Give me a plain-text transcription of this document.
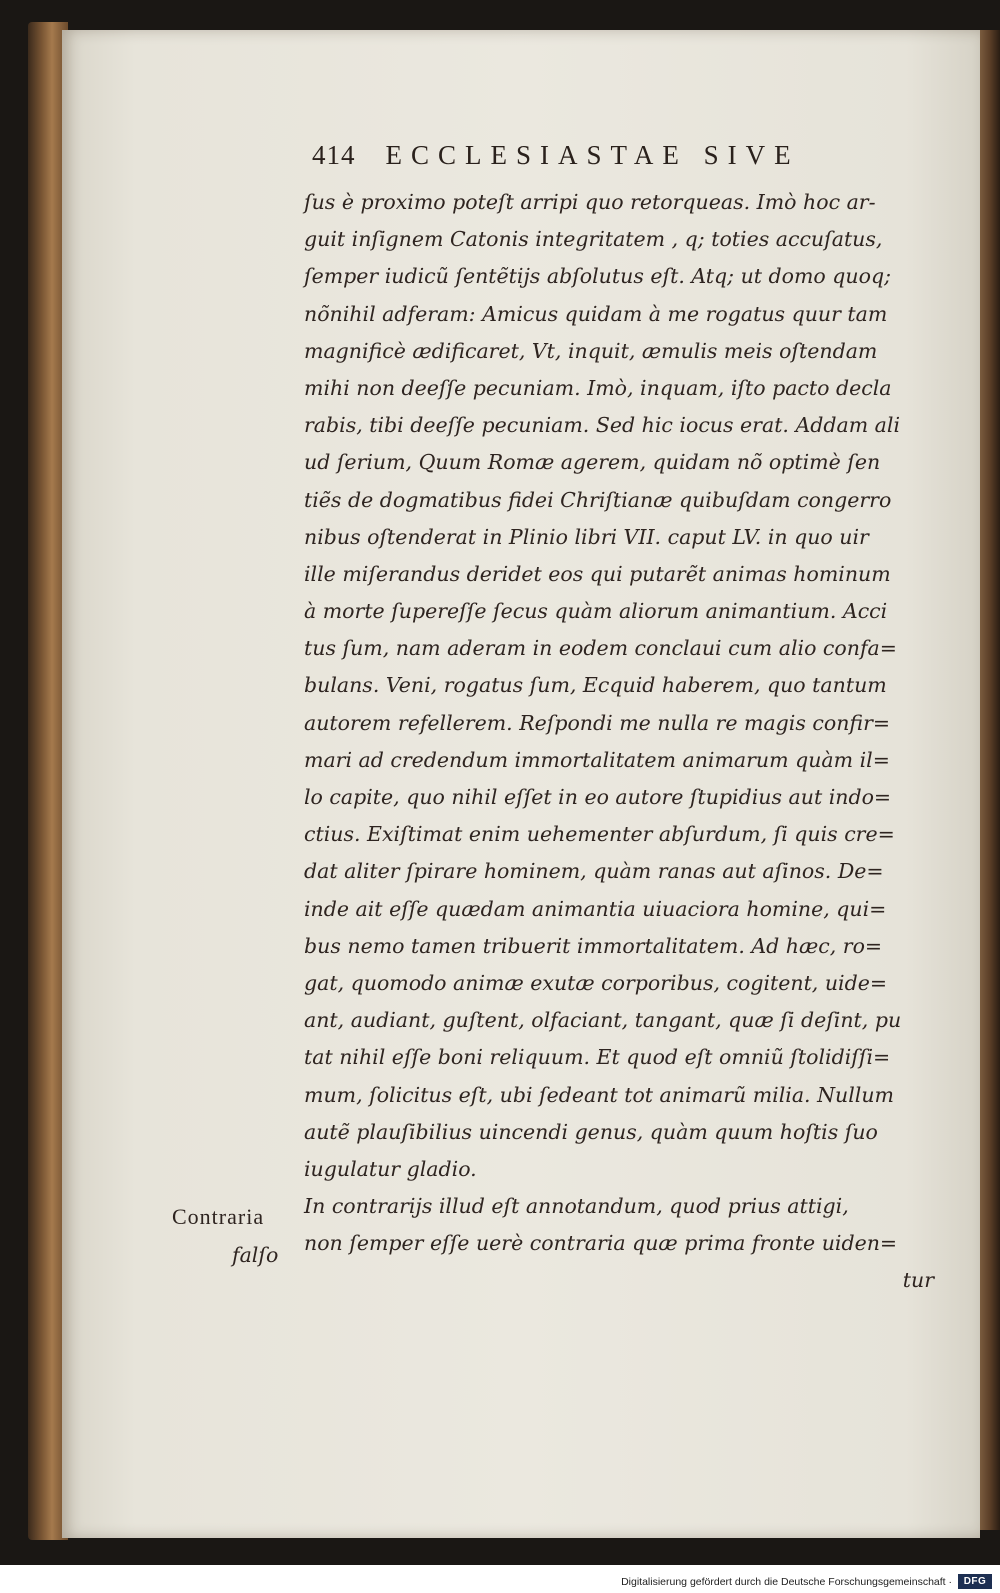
414 ECCLESIASTAE SIVE
ſus è proximo poteſt arripi quo retorqueas. Imò hoc ar-
guit inſignem Catonis integritatem , q; toties accuſatus,
ſemper iudicũ ſentẽtijs abſolutus eſt. Atq; ut domo quoq;
nõnihil adferam: Amicus quidam à me rogatus quur tam
magnificè ædificaret, Vt, inquit, æmulis meis oſtendam
mihi non deeſſe pecuniam. Imò, inquam, iſto pacto decla
rabis, tibi deeſſe pecuniam. Sed hic iocus erat. Addam ali
ud ſerium, Quum Romæ agerem, quidam nõ optimè ſen
tiẽs de dogmatibus fidei Chriſtianæ quibuſdam congerro
nibus oſtenderat in Plinio libri VII. caput LV. in quo uir
ille miſerandus deridet eos qui putarẽt animas hominum
à morte ſupereſſe ſecus quàm aliorum animantium. Acci
tus ſum, nam aderam in eodem conclaui cum alio confa=
bulans. Veni, rogatus ſum, Ecquid haberem, quo tantum
autorem refellerem. Reſpondi me nulla re magis confir=
mari ad credendum immortalitatem animarum quàm il=
lo capite, quo nihil eſſet in eo autore ſtupidius aut indo=
ctius. Exiſtimat enim uehementer abſurdum, ſi quis cre=
dat aliter ſpirare hominem, quàm ranas aut aſinos. De=
inde ait eſſe quædam animantia uiuaciora homine, qui=
bus nemo tamen tribuerit immortalitatem. Ad hæc, ro=
gat, quomodo animæ exutæ corporibus, cogitent, uide=
ant, audiant, guſtent, olfaciant, tangant, quæ ſi deſint, pu
tat nihil eſſe boni reliquum. Et quod eſt omniũ ſtolidiſſi=
mum, ſolicitus eſt, ubi ſedeant tot animarũ milia. Nullum
autẽ plauſibilius uincendi genus, quàm quum hoſtis ſuo
iugulatur gladio.
In contrarijs illud eſt annotandum, quod prius attigi,
non ſemper eſſe uerè contraria quæ prima fronte uiden=
tur
Contraria
falſo
Digitalisierung gefördert durch die Deutsche Forschungsgemeinschaft ·	DFG
